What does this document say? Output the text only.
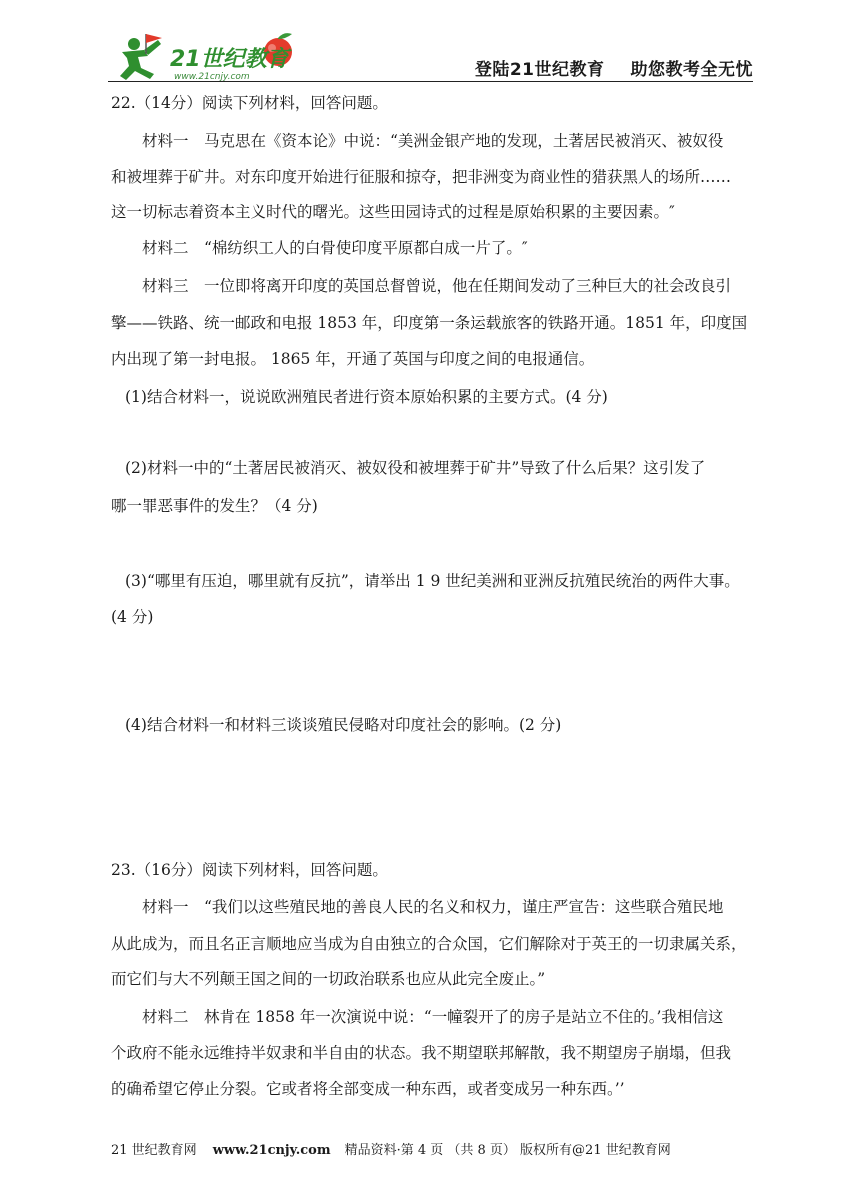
21世纪教育
www.21cnjy.com	登陆21世纪教育 助您教考全无忧

22.（14分）阅读下列材料，回答问题。

材料一　马克思在《资本论》中说：“美洲金银产地的发现，土著居民被消灭、被奴役

和被埋葬于矿井。对东印度开始进行征服和掠夺，把非洲变为商业性的猎获黑人的场所……

这一切标志着资本主义时代的曙光。这些田园诗式的过程是原始积累的主要因素。″

材料二　“棉纺织工人的白骨使印度平原都白成一片了。″

材料三　一位即将离开印度的英国总督曾说，他在任期间发动了三种巨大的社会改良引

擎——铁路、统一邮政和电报 1853 年，印度第一条运载旅客的铁路开通。1851 年，印度国

内出现了第一封电报。 1865 年，开通了英国与印度之间的电报通信。

(1)结合材料一，说说欧洲殖民者进行资本原始积累的主要方式。(4 分)

(2)材料一中的“土著居民被消灭、被奴役和被埋葬于矿井”导致了什么后果？这引发了

哪一罪恶事件的发生？（4 分)

(3)“哪里有压迫，哪里就有反抗”，请举出 1 9 世纪美洲和亚洲反抗殖民统治的两件大事。

(4 分)

(4)结合材料一和材料三谈谈殖民侵略对印度社会的影响。(2 分)

23.（16分）阅读下列材料，回答问题。

材料一　“我们以这些殖民地的善良人民的名义和权力，谨庄严宣告：这些联合殖民地

从此成为，而且名正言顺地应当成为自由独立的合众国，它们解除对于英王的一切隶属关系，

而它们与大不列颠王国之间的一切政治联系也应从此完全废止。”

材料二　林肯在 1858 年一次演说中说：“一幢裂开了的房子是站立不住的。’我相信这

个政府不能永远维持半奴隶和半自由的状态。我不期望联邦解散，我不期望房子崩塌，但我

的确希望它停止分裂。它或者将全部变成一种东西，或者变成另一种东西。’’

21 世纪教育网 www.21cnjy.com 精品资料·第 4 页 （共 8 页） 版权所有@21 世纪教育网
